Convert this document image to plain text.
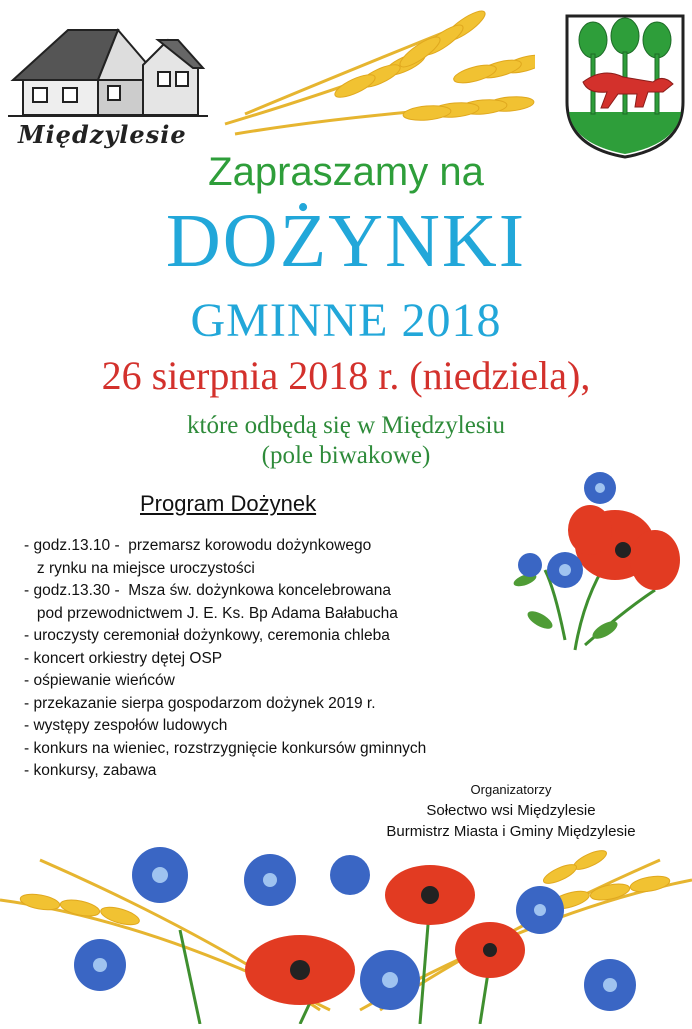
Międzylesie
Zapraszamy na
DOŻYNKI
GMINNE 2018
26 sierpnia 2018 r. (niedziela),
które odbędą się w Międzylesiu
(pole biwakowe)
Program Dożynek
- godz.13.10 -  przemarsz korowodu dożynkowego
z rynku na miejsce uroczystości
- godz.13.30 -  Msza św. dożynkowa koncelebrowana
pod przewodnictwem J. E. Ks. Bp Adama Bałabucha
- uroczysty ceremoniał dożynkowy, ceremonia chleba
- koncert orkiestry dętej OSP
- ośpiewanie wieńców
- przekazanie sierpa gospodarzom dożynek 2019 r.
- występy zespołów ludowych
- konkurs na wieniec, rozstrzygnięcie konkursów gminnych
- konkursy, zabawa
Organizatorzy
Sołectwo wsi Międzylesie
Burmistrz Miasta i Gminy Międzylesie
